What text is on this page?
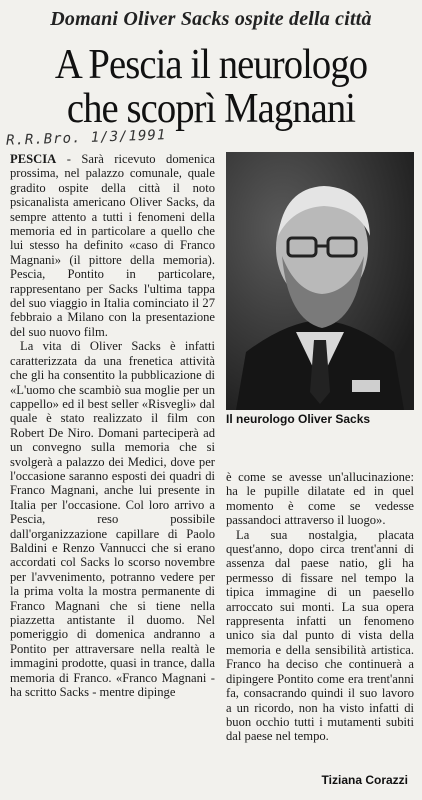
Domani Oliver Sacks ospite della città
A Pescia il neurologo
che scoprì Magnani
R.R.Bro. 1/3/1991

PESCIA - Sarà ricevuto domenica prossima, nel palazzo comunale, quale gradito ospite della città il noto psicanalista americano Oliver Sacks, da sempre attento a tutti i fenomeni della memoria ed in particolare a quello che lui stesso ha definito «caso di Franco Magnani» (il pittore della memoria). Pescia, Pontito in particolare, rappresentano per Sacks l'ultima tappa del suo viaggio in Italia cominciato il 27 febbraio a Milano con la presentazione del suo nuovo film.

La vita di Oliver Sacks è infatti caratterizzata da una frenetica attività che gli ha consentito la pubblicazione di «L'uomo che scambiò sua moglie per un cappello» ed il best seller «Risvegli» dal quale è stato realizzato il film con Robert De Niro. Domani parteciperà ad un convegno sulla memoria che si svolgerà a palazzo dei Medici, dove per l'occasione saranno esposti dei quadri di Franco Magnani, anche lui presente in Italia per l'occasione. Col loro arrivo a Pescia, reso possibile dall'organizzazione capillare di Paolo Baldini e Renzo Vannucci che si erano accordati col Sacks lo scorso novembre per l'avvenimento, potranno vedere per la prima volta la mostra permanente di Franco Magnani che si tiene nella piazzetta antistante il duomo. Nel pomeriggio di domenica andranno a Pontito per attraversare nella realtà le immagini prodotte, quasi in trance, dalla memoria di Franco. «Franco Magnani - ha scritto Sacks - mentre dipinge

Il neurologo Oliver Sacks

è come se avesse un'allucinazione: ha le pupille dilatate ed in quel momento è come se vedesse passandoci attraverso il luogo».

La sua nostalgia, placata quest'anno, dopo circa trent'anni di assenza dal paese natio, gli ha permesso di fissare nel tempo la tipica immagine di un paesello arroccato sui monti. La sua opera rappresenta infatti un fenomeno unico sia dal punto di vista della memoria e della sensibilità artistica. Franco ha deciso che continuerà a dipingere Pontito come era trent'anni fa, consacrando quindi il suo lavoro a un ricordo, non ha visto infatti di buon occhio tutti i mutamenti subiti dal paese nel tempo.

Tiziana Corazzi
